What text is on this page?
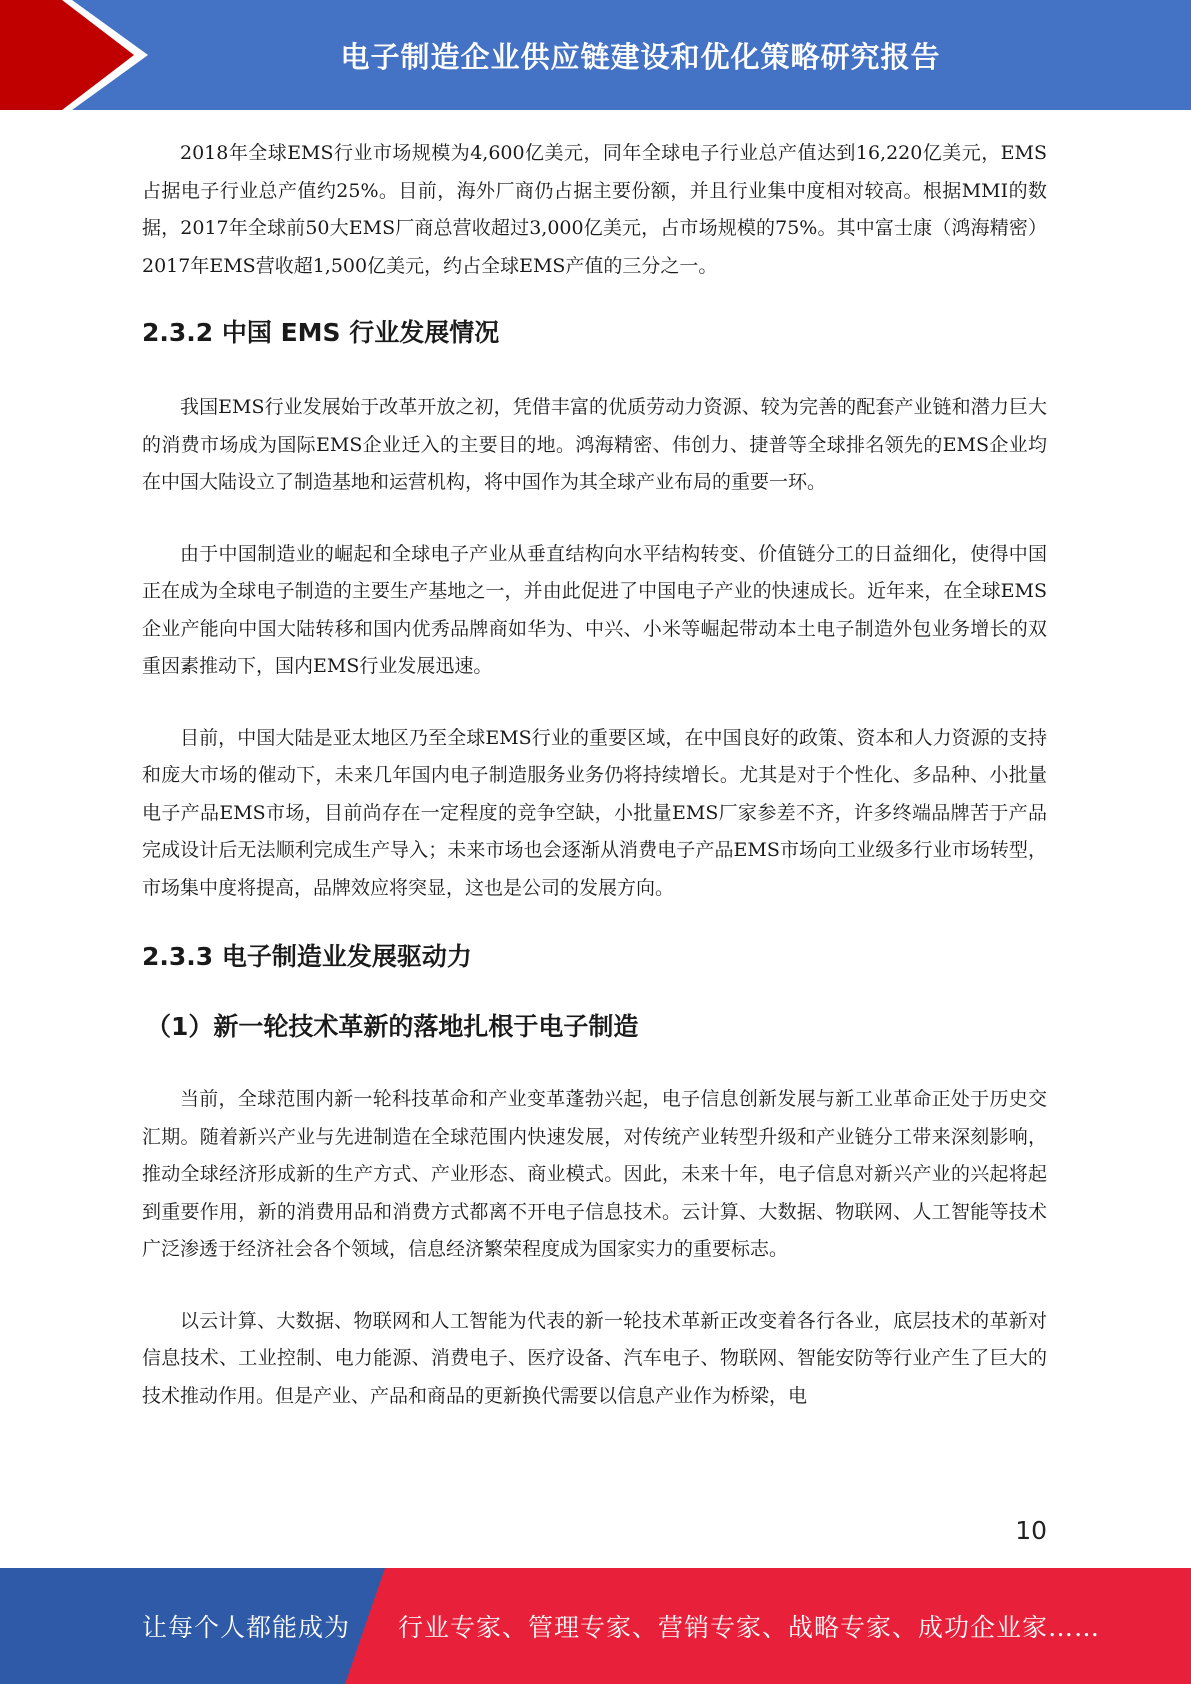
电子制造企业供应链建设和优化策略研究报告

2018年全球EMS行业市场规模为4,600亿美元，同年全球电子行业总产值达到16,220亿美元，EMS占据电子行业总产值约25%。目前，海外厂商仍占据主要份额，并且行业集中度相对较高。根据MMI的数据，2017年全球前50大EMS厂商总营收超过3,000亿美元，占市场规模的75%。其中富士康（鸿海精密）2017年EMS营收超1,500亿美元，约占全球EMS产值的三分之一。

2.3.2 中国 EMS 行业发展情况

我国EMS行业发展始于改革开放之初，凭借丰富的优质劳动力资源、较为完善的配套产业链和潜力巨大的消费市场成为国际EMS企业迁入的主要目的地。鸿海精密、伟创力、捷普等全球排名领先的EMS企业均在中国大陆设立了制造基地和运营机构，将中国作为其全球产业布局的重要一环。

由于中国制造业的崛起和全球电子产业从垂直结构向水平结构转变、价值链分工的日益细化，使得中国正在成为全球电子制造的主要生产基地之一，并由此促进了中国电子产业的快速成长。近年来，在全球EMS企业产能向中国大陆转移和国内优秀品牌商如华为、中兴、小米等崛起带动本土电子制造外包业务增长的双重因素推动下，国内EMS行业发展迅速。

目前，中国大陆是亚太地区乃至全球EMS行业的重要区域，在中国良好的政策、资本和人力资源的支持和庞大市场的催动下，未来几年国内电子制造服务业务仍将持续增长。尤其是对于个性化、多品种、小批量电子产品EMS市场，目前尚存在一定程度的竞争空缺，小批量EMS厂家参差不齐，许多终端品牌苦于产品完成设计后无法顺利完成生产导入；未来市场也会逐渐从消费电子产品EMS市场向工业级多行业市场转型，市场集中度将提高，品牌效应将突显，这也是公司的发展方向。

2.3.3 电子制造业发展驱动力
（1）新一轮技术革新的落地扎根于电子制造

当前，全球范围内新一轮科技革命和产业变革蓬勃兴起，电子信息创新发展与新工业革命正处于历史交汇期。随着新兴产业与先进制造在全球范围内快速发展，对传统产业转型升级和产业链分工带来深刻影响，推动全球经济形成新的生产方式、产业形态、商业模式。因此，未来十年，电子信息对新兴产业的兴起将起到重要作用，新的消费用品和消费方式都离不开电子信息技术。云计算、大数据、物联网、人工智能等技术广泛渗透于经济社会各个领域，信息经济繁荣程度成为国家实力的重要标志。

以云计算、大数据、物联网和人工智能为代表的新一轮技术革新正改变着各行各业，底层技术的革新对信息技术、工业控制、电力能源、消费电子、医疗设备、汽车电子、物联网、智能安防等行业产生了巨大的技术推动作用。但是产业、产品和商品的更新换代需要以信息产业作为桥梁，电

10
让每个人都能成为 行业专家、管理专家、营销专家、战略专家、成功企业家……
